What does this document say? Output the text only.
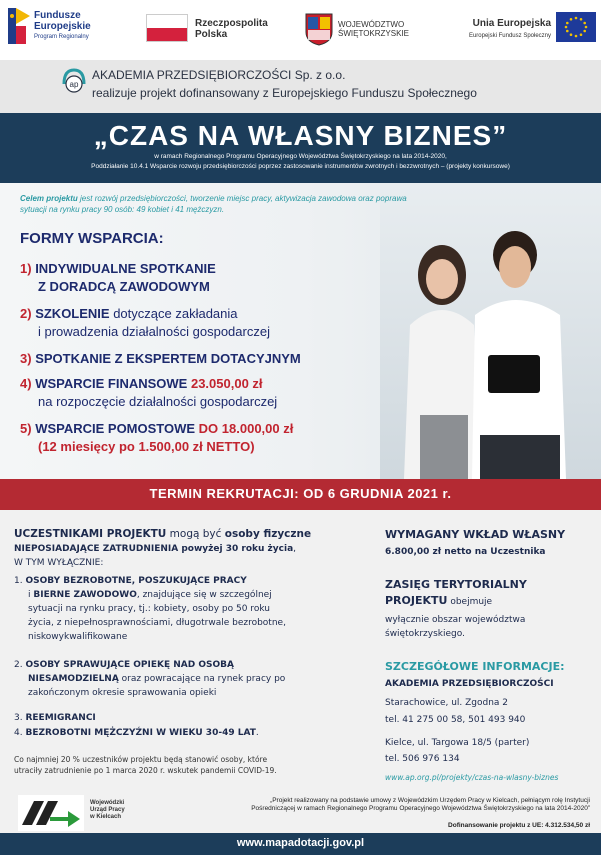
Fundusze
Europejskie
Program Regionalny
Rzeczpospolita
Polska
WOJEWÓDZTWO
ŚWIĘTOKRZYSKIE
Unia Europejska
Europejski Fundusz Społeczny
ap
AKADEMIA PRZEDSIĘBIORCZOŚCI Sp. z o.o.
realizuje projekt dofinansowany z Europejskiego Funduszu Społecznego
„CZAS NA WŁASNY BIZNES”
w ramach Regionalnego Programu Operacyjnego Województwa Świętokrzyskiego na lata 2014-2020,
Poddziałanie 10.4.1 Wsparcie rozwoju przedsiębiorczości poprzez zastosowanie instrumentów zwrotnych i bezzwrotnych – (projekty konkursowe)
Celem projektu jest rozwój przedsiębiorczości, tworzenie miejsc pracy, aktywizacja zawodowa oraz poprawa sytuacji na rynku pracy 90 osób: 49 kobiet i 41 mężczyzn.
FORMY WSPARCIA:
1) INDYWIDUALNE SPOTKANIE
Z DORADCĄ ZAWODOWYM
2) SZKOLENIE dotyczące zakładania
i prowadzenia działalności gospodarczej
3) SPOTKANIE Z EKSPERTEM DOTACYJNYM
4) WSPARCIE FINANSOWE 23.050,00 zł
na rozpoczęcie działalności gospodarczej
5) WSPARCIE POMOSTOWE DO 18.000,00 zł
(12 miesięcy po 1.500,00 zł NETTO)
TERMIN REKRUTACJI: OD 6 GRUDNIA 2021 r.
UCZESTNIKAMI PROJEKTU mogą być osoby fizyczne
NIEPOSIADAJĄCE ZATRUDNIENIA powyżej 30 roku życia,
W TYM WYŁĄCZNIE:
1. OSOBY BEZROBOTNE, POSZUKUJĄCE PRACY
i BIERNE ZAWODOWO, znajdujące się w szczególnej
sytuacji na rynku pracy, tj.: kobiety, osoby po 50 roku
życia, z niepełnosprawnościami, długotrwale bezrobotne,
niskowykwalifikowane
2. OSOBY SPRAWUJĄCE OPIEKĘ NAD OSOBĄ
NIESAMODZIELNĄ oraz powracające na rynek pracy po
zakończonym okresie sprawowania opieki
3. REEMIGRANCI
4. BEZROBOTNI MĘŻCZYŹNI W WIEKU 30-49 LAT.
Co najmniej 20 % uczestników projektu będą stanowić osoby, które
utraciły zatrudnienie po 1 marca 2020 r. wskutek pandemii COVID-19.
WYMAGANY WKŁAD WŁASNY
6.800,00 zł netto na Uczestnika
ZASIĘG TERYTORIALNY
PROJEKTU obejmuje
wyłącznie obszar województwa
świętokrzyskiego.
SZCZEGÓŁOWE INFORMACJE:
AKADEMIA PRZEDSIĘBIORCZOŚCI
Starachowice, ul. Zgodna 2
tel. 41 275 00 58, 501 493 940
Kielce, ul. Targowa 18/5 (parter)
tel. 506 976 134
www.ap.org.pl/projekty/czas-na-wlasny-biznes
Wojewódzki
Urząd Pracy
w Kielcach
„Projekt realizowany na podstawie umowy z Wojewódzkim Urzędem Pracy w Kielcach, pełniącym rolę Instytucji
Pośredniczącej w ramach Regionalnego Programu Operacyjnego Województwa Świętokrzyskiego na lata 2014-2020”
Dofinansowanie projektu z UE: 4.312.534,50 zł
www.mapadotacji.gov.pl
